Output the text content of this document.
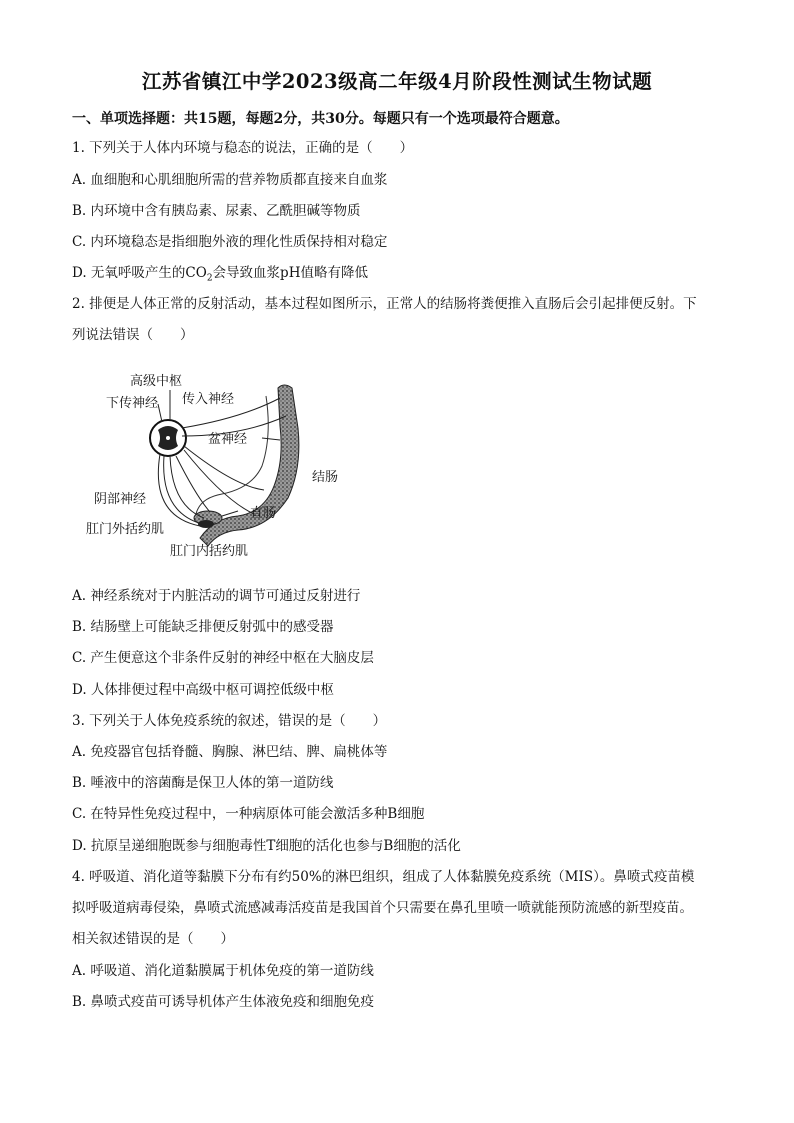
江苏省镇江中学2023级高二年级4月阶段性测试生物试题
一、单项选择题：共15题，每题2分，共30分。每题只有一个选项最符合题意。
1. 下列关于人体内环境与稳态的说法，正确的是（　　）
A. 血细胞和心肌细胞所需的营养物质都直接来自血浆
B. 内环境中含有胰岛素、尿素、乙酰胆碱等物质
C. 内环境稳态是指细胞外液的理化性质保持相对稳定
D. 无氧呼吸产生的$CO_2$会导致血浆pH值略有降低
2. 排便是人体正常的反射活动，基本过程如图所示，正常人的结肠将粪便推入直肠后会引起排便反射。下
列说法错误（　　）
高级中枢
下传神经 传入神经
盆神经
结肠
阴部神经
直肠
肛门外括约肌
肛门内括约肌
A. 神经系统对于内脏活动的调节可通过反射进行
B. 结肠壁上可能缺乏排便反射弧中的感受器
C. 产生便意这个非条件反射的神经中枢在大脑皮层
D. 人体排便过程中高级中枢可调控低级中枢
3. 下列关于人体免疫系统的叙述，错误的是（　　）
A. 免疫器官包括脊髓、胸腺、淋巴结、脾、扁桃体等
B. 唾液中的溶菌酶是保卫人体的第一道防线
C. 在特异性免疫过程中，一种病原体可能会激活多种B细胞
D. 抗原呈递细胞既参与细胞毒性T细胞的活化也参与B细胞的活化
4. 呼吸道、消化道等黏膜下分布有约50%的淋巴组织，组成了人体黏膜免疫系统（MIS）。鼻喷式疫苗模
拟呼吸道病毒侵染，鼻喷式流感减毒活疫苗是我国首个只需要在鼻孔里喷一喷就能预防流感的新型疫苗。
相关叙述错误的是（　　）
A. 呼吸道、消化道黏膜属于机体免疫的第一道防线
B. 鼻喷式疫苗可诱导机体产生体液免疫和细胞免疫
